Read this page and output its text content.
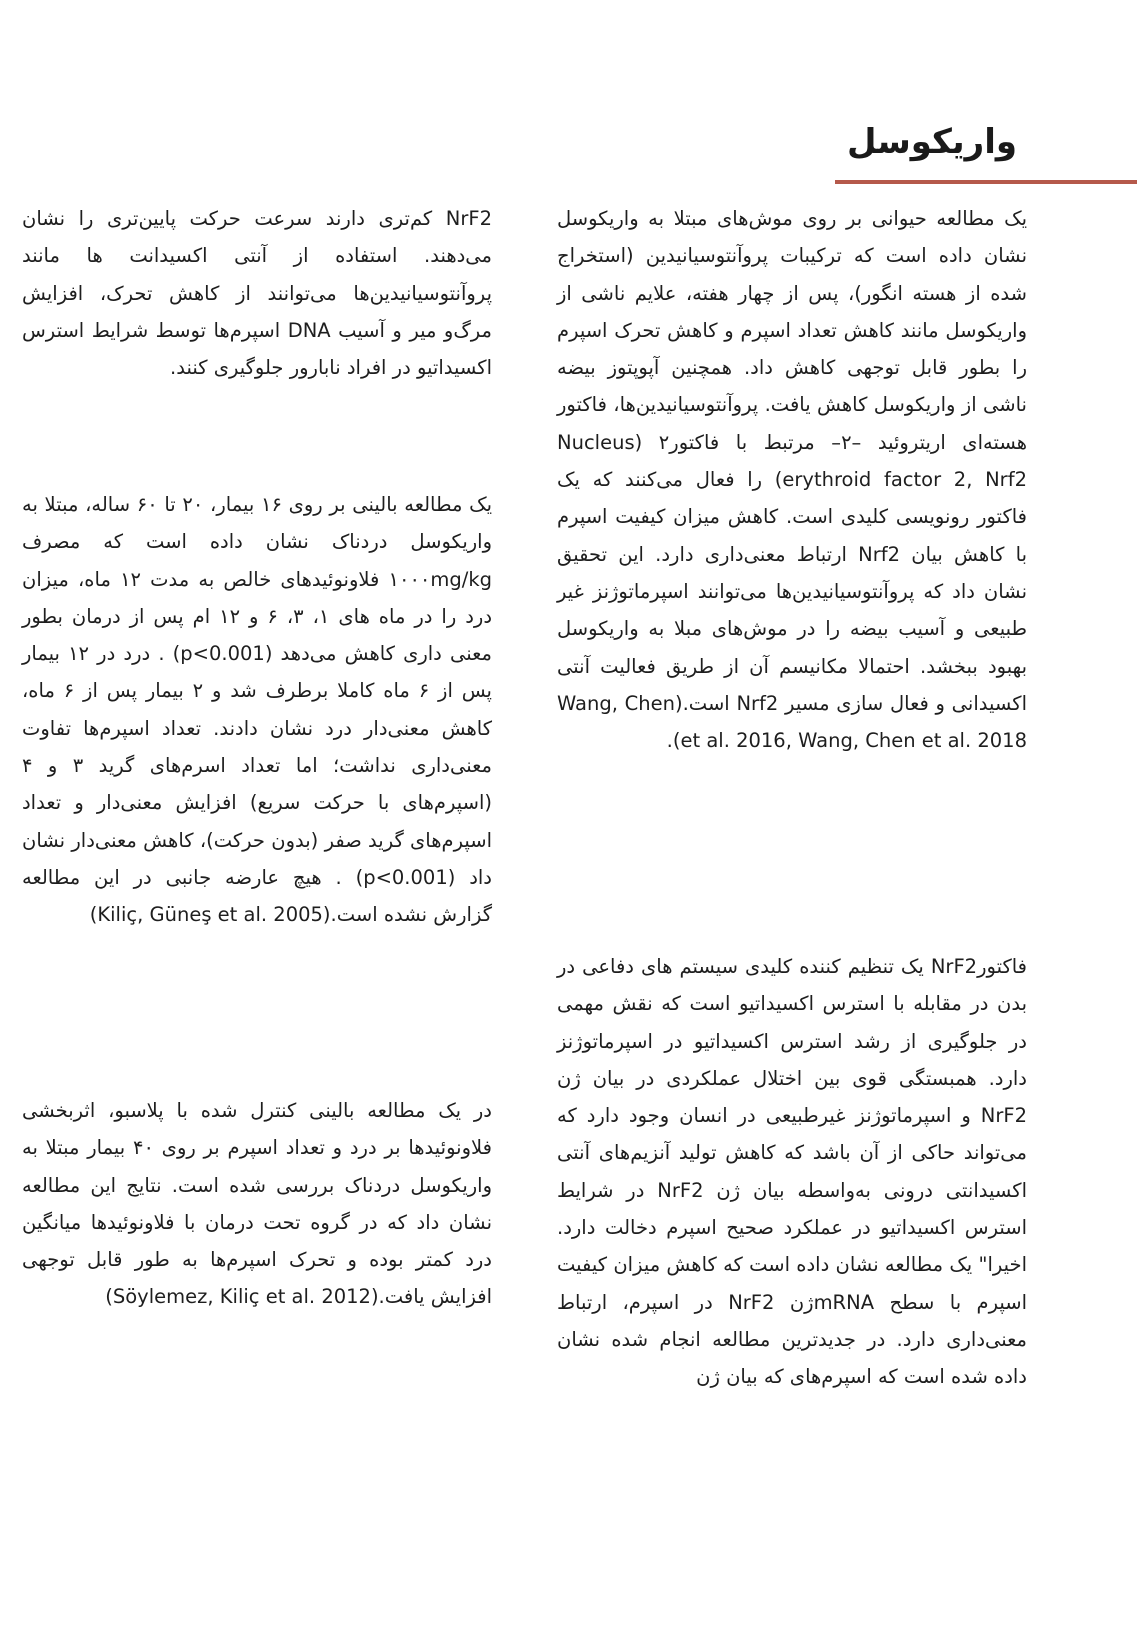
واریکوسل

یک مطالعه حیوانی بر روی موش‌های مبتلا به واریکوسل نشان داده است که ترکیبات پروآنتوسیانیدین (استخراج شده از هسته انگور)، پس از چهار هفته، علایم ناشی از واریکوسل مانند کاهش تعداد اسپرم و کاهش تحرک اسپرم را بطور قابل توجهی کاهش داد. همچنین آپوپتوز بیضه ناشی از واریکوسل کاهش یافت. پروآنتوسیانیدین‌ها، فاکتور هسته‌ای اریتروئید –۲– مرتبط با فاکتور۲ (Nucleus erythroid factor 2, Nrf2) را فعال می‌کنند که یک فاکتور رونویسی کلیدی است. کاهش میزان کیفیت اسپرم با کاهش بیان Nrf2 ارتباط معنی‌داری دارد. این تحقیق نشان داد که پروآنتوسیانیدین‌ها می‌توانند اسپرماتوژنز غیر طبیعی و آسیب بیضه را در موش‌های مبلا به واریکوسل بهبود ببخشد. احتمالا مکانیسم آن از طریق فعالیت آنتی اکسیدانی و فعال سازی مسیر Nrf2 است.(Wang, Chen et al. 2016, Wang, Chen et al. 2018).

فاکتورNrF2 یک تنظیم کننده کلیدی سیستم های دفاعی در بدن در مقابله با استرس اکسیداتیو است که نقش مهمی در جلوگیری از رشد استرس اکسیداتیو در اسپرماتوژنز دارد. همبستگی قوی بین اختلال عملکردی در بیان ژن NrF2 و اسپرماتوژنز غیرطبیعی در انسان وجود دارد که می‌تواند حاکی از آن باشد که کاهش تولید آنزیم‌های آنتی اکسیدانتی درونی به‌واسطه بیان ژن NrF2 در شرایط استرس اکسیداتیو در عملکرد صحیح اسپرم دخالت دارد. اخیرا" یک مطالعه نشان داده است که کاهش میزان کیفیت اسپرم با سطح mRNAژن NrF2 در اسپرم، ارتباط معنی‌داری دارد. در جدیدترین مطالعه انجام شده نشان داده شده است که اسپرم‌های که بیان ژن

NrF2 کم‌تری دارند سرعت حرکت پایین‌تری را نشان می‌دهند. استفاده از آنتی اکسیدانت ها مانند پروآنتوسیانیدین‌ها می‌توانند از کاهش تحرک، افزایش مرگ‌و میر و آسیب DNA اسپرم‌ها توسط شرایط استرس اکسیداتیو در افراد نابارور جلوگیری کنند.

یک مطالعه بالینی بر روی ۱۶ بیمار، ۲۰ تا ۶۰ ساله، مبتلا به واریکوسل دردناک نشان داده است که مصرف ۱۰۰۰mg/kg فلاونوئیدهای خالص به مدت ۱۲ ماه، میزان درد را در ماه های ۱، ۳، ۶ و ۱۲ ام پس از درمان بطور معنی داری کاهش می‌دهد (p<0.001) . درد در ۱۲ بیمار پس از ۶ ماه کاملا برطرف شد و ۲ بیمار پس از ۶ ماه، کاهش معنی‌دار درد نشان دادند. تعداد اسپرم‌ها تفاوت معنی‌داری نداشت؛ اما تعداد اسرم‌های گرید ۳ و ۴ (اسپرم‌های با حرکت سریع) افزایش معنی‌دار و تعداد اسپرم‌های گرید صفر (بدون حرکت)، کاهش معنی‌دار نشان داد (p<0.001) . هیچ عارضه جانبی در این مطالعه گزارش نشده است.(Kiliç, Güneş et al. 2005)

در یک مطالعه بالینی کنترل شده با پلاسبو، اثربخشی فلاونوئیدها بر درد و تعداد اسپرم بر روی ۴۰ بیمار مبتلا به واریکوسل دردناک بررسی شده است. نتایج این مطالعه نشان داد که در گروه تحت درمان با فلاونوئیدها میانگین درد کمتر بوده و تحرک اسپرم‌ها به طور قابل توجهی افزایش یافت.(Söylemez, Kiliç et al. 2012)
